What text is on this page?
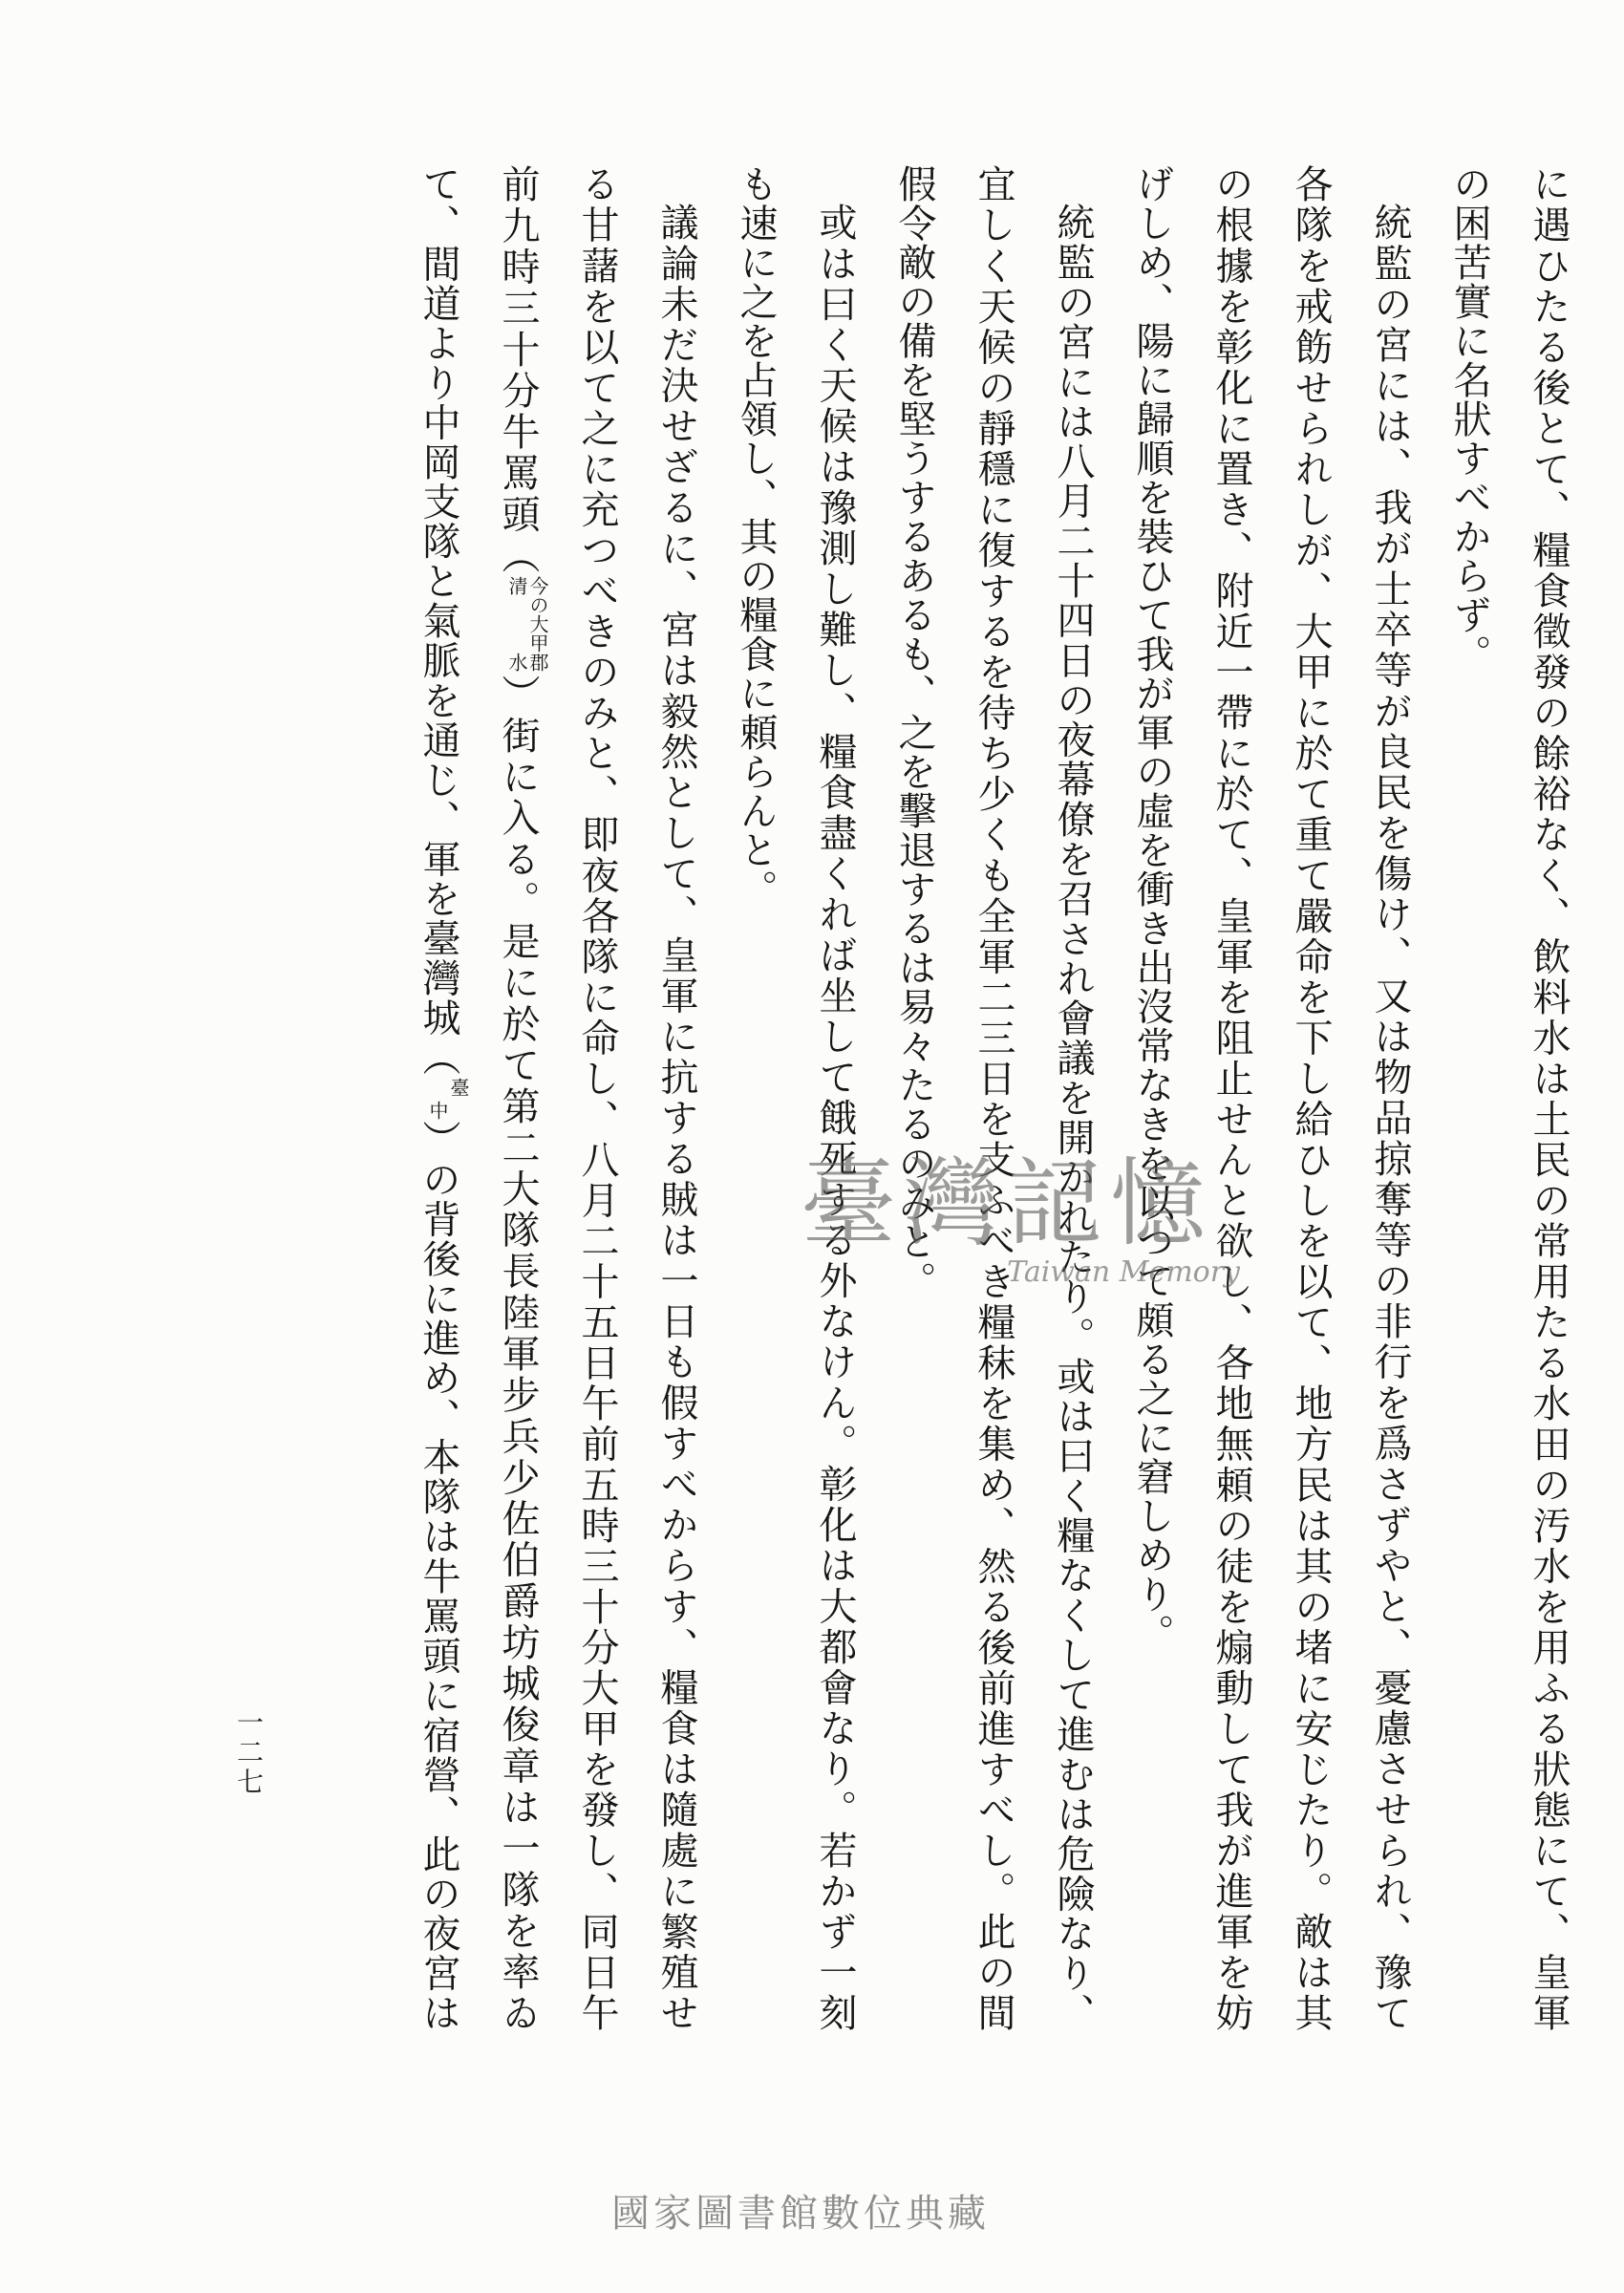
に遇ひたる後とて、糧食徵發の餘裕なく、飲料水は土民の常用たる水田の汚水を用ふる狀態にて、皇軍

の困苦實に名狀すべからず。

統監の宮には、我が士卒等が良民を傷け、又は物品掠奪等の非行を爲さずやと、憂慮させられ、豫て

各隊を戒飭せられしが、大甲に於て重て嚴命を下し給ひしを以て、地方民は其の堵に安じたり。敵は其

の根據を彰化に置き、附近一帶に於て、皇軍を阻止せんと欲し、各地無頼の徒を煽動して我が進軍を妨

げしめ、陽に歸順を裝ひて我が軍の虛を衝き出沒常なきを以つて頗る之に窘しめり。

統監の宮には八月二十四日の夜幕僚を召され會議を開かれたり。或は曰く糧なくして進むは危險なり、

宜しく天候の靜穩に復するを待ち少くも全軍二三日を支ふべき糧秣を集め、然る後前進すべし。此の間

假令敵の備を堅うするあるも、之を擊退するは易々たるのみと。

或は曰く天候は豫測し難し、糧食盡くれば坐して餓死する外なけん。彰化は大都會なり。若かず一刻

も速に之を占領し、其の糧食に頼らんと。

議論未だ決せざるに、宮は毅然として、皇軍に抗する賊は一日も假すべからす、糧食は隨處に繁殖せ

る甘藷を以て之に充つべきのみと、即夜各隊に命し、八月二十五日午前五時三十分大甲を發し、同日午

前九時三十分牛罵頭（
今の大甲郡
清水
）街に入る。是に於て第二大隊長陸軍步兵少佐伯爵坊城俊章は一隊を率ゐ

て、間道より中岡支隊と氣脈を通じ、軍を臺灣城（
臺
中
）の背後に進め、本隊は牛罵頭に宿營、此の夜宮は

一二七
臺灣記憶
Taiwan Memory
國家圖書館數位典藏
